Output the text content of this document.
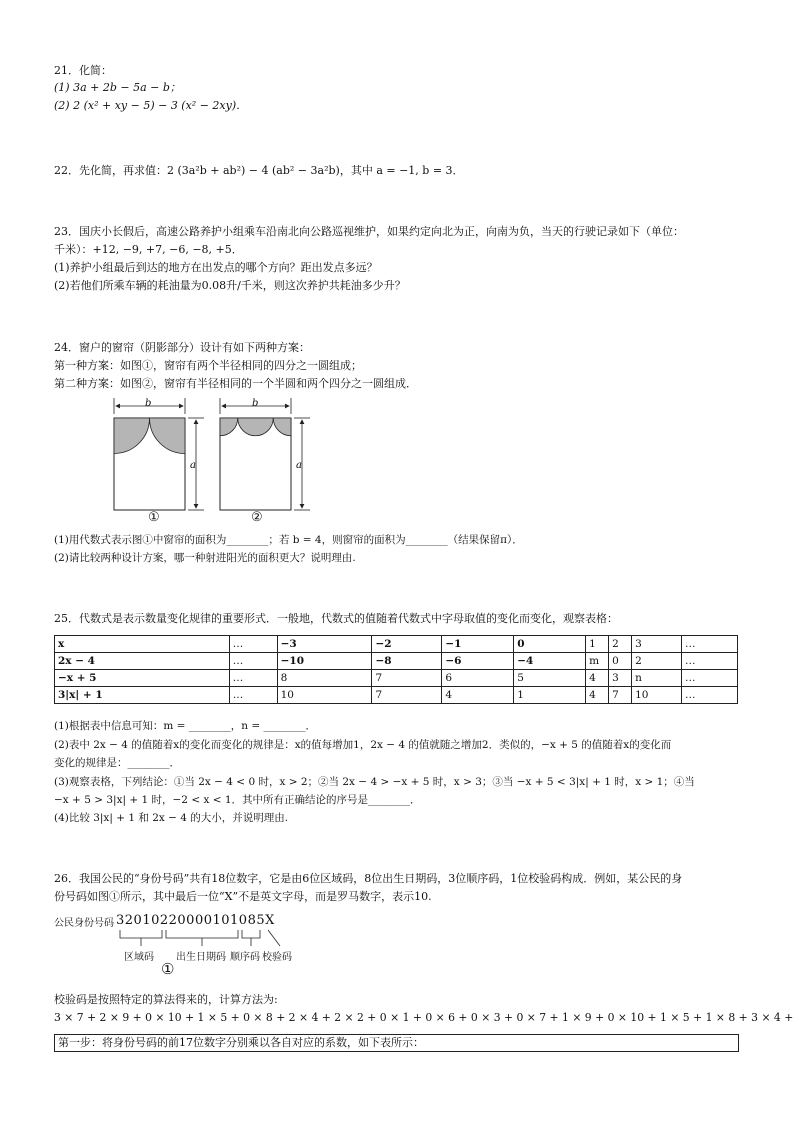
21．化简：
(1) 3a + 2b − 5a − b；
(2) 2 (x² + xy − 5) − 3 (x² − 2xy)．
22．先化简，再求值：2 (3a²b + ab²) − 4 (ab² − 3a²b)，其中 a = −1, b = 3．
23．国庆小长假后，高速公路养护小组乘车沿南北向公路巡视维护，如果约定向北为正，向南为负，当天的行驶记录如下（单位：
千米）：+12, −9, +7, −6, −8, +5．
(1)养护小组最后到达的地方在出发点的哪个方向？距出发点多远？
(2)若他们所乘车辆的耗油量为0.08升/千米，则这次养护共耗油多少升？
24．窗户的窗帘（阴影部分）设计有如下两种方案：
第一种方案：如图①，窗帘有两个半径相同的四分之一圆组成；
第二种方案：如图②，窗帘有半径相同的一个半圆和两个四分之一圆组成．
b
a
①
b
a
②
(1)用代数式表示图①中窗帘的面积为________；若 b = 4，则窗帘的面积为________（结果保留π）．
(2)请比较两种设计方案，哪一种射进阳光的面积更大？说明理由.
25．代数式是表示数量变化规律的重要形式．一般地，代数式的值随着代数式中字母取值的变化而变化，观察表格：
x	…	−3	−2	−1	0	1	2	3	…
2x − 4	…	−10	−8	−6	−4	m	0	2	…
−x + 5	…	8	7	6	5	4	3	n	…
3|x| + 1	…	10	7	4	1	4	7	10	…
(1)根据表中信息可知：m = ________，n = ________．
(2)表中 2x − 4 的值随着x的变化而变化的规律是：x的值每增加1，2x − 4 的值就随之增加2．类似的，−x + 5 的值随着x的变化而
变化的规律是：________．
(3)观察表格，下列结论：①当 2x − 4 < 0 时，x > 2；②当 2x − 4 > −x + 5 时，x > 3；③当 −x + 5 < 3|x| + 1 时，x > 1；④当
−x + 5 > 3|x| + 1 时，−2 < x < 1．其中所有正确结论的序号是________．
(4)比较 3|x| + 1 和 2x − 4 的大小，并说明理由.
26．我国公民的“身份号码”共有18位数字，它是由6位区域码，8位出生日期码，3位顺序码，1位校验码构成．例如，某公民的身
份号码如图①所示，其中最后一位“X”不是英文字母，而是罗马数字，表示10.
公民身份号码 32010220000101085X
区域码 出生日期码 顺序码 校验码
①
校验码是按照特定的算法得来的，计算方法为:
3 × 7 + 2 × 9 + 0 × 10 + 1 × 5 + 0 × 8 + 2 × 4 + 2 × 2 + 0 × 1 + 0 × 6 + 0 × 3 + 0 × 7 + 1 × 9 + 0 × 10 + 1 × 5 + 1 × 8 + 3 × 4 +
第一步：将身份号码的前17位数字分别乘以各自对应的系数，如下表所示：
